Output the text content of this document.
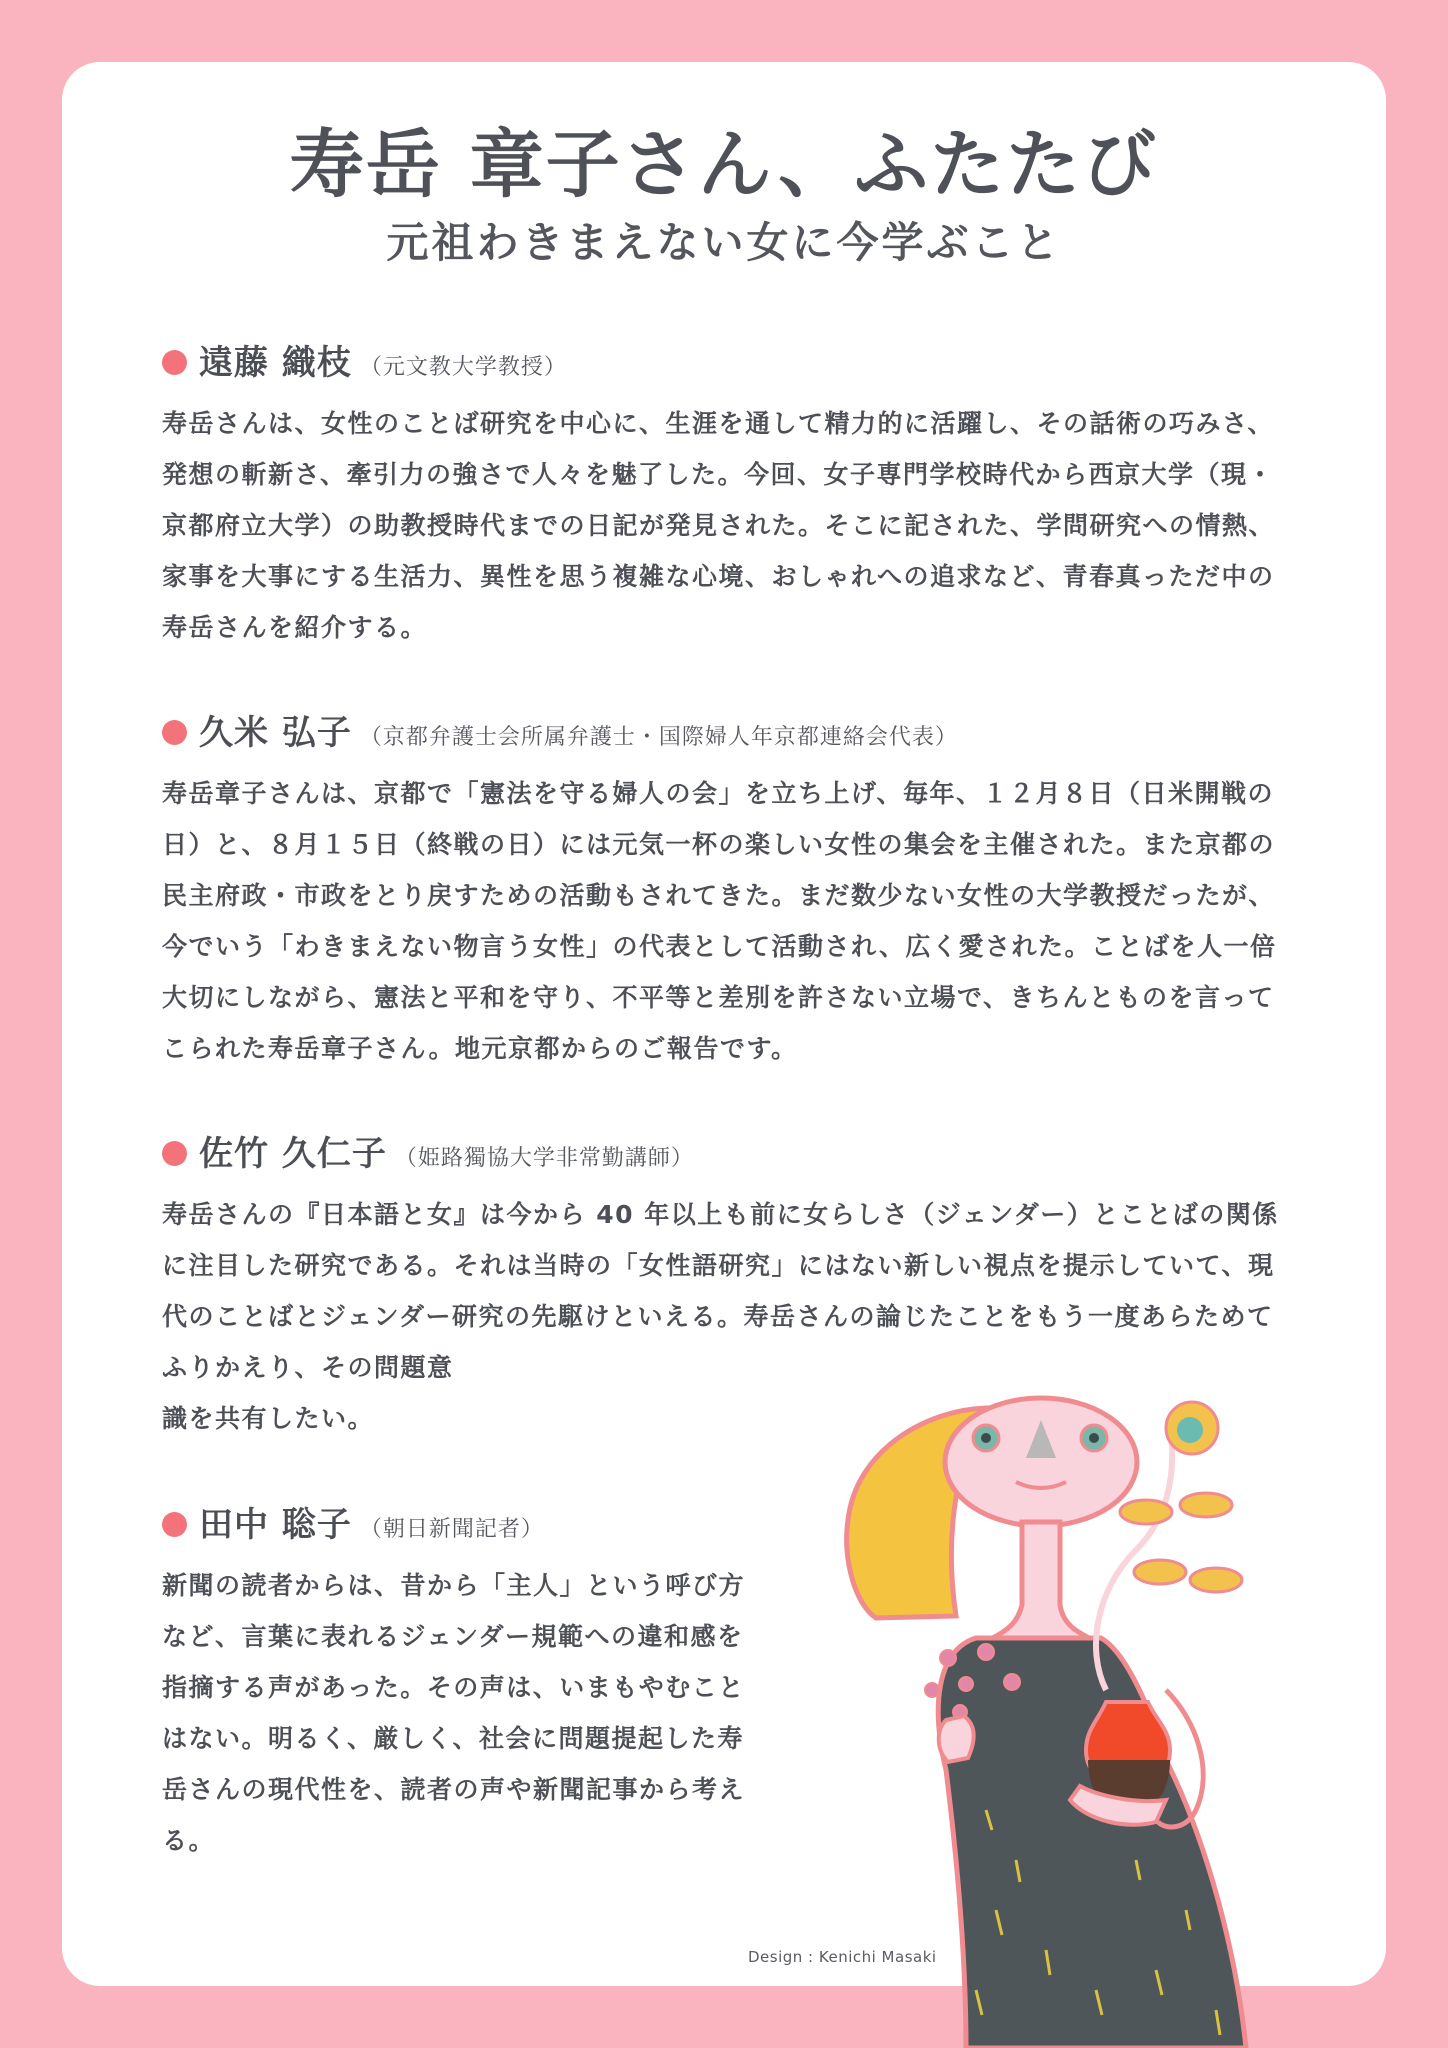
寿岳 章子さん、ふたたび
元祖わきまえない女に今学ぶこと
遠藤 織枝 （元文教大学教授）
寿岳さんは、女性のことば研究を中心に、生涯を通して精力的に活躍し、その話術の巧みさ、発想の斬新さ、牽引力の強さで人々を魅了した。今回、女子専門学校時代から西京大学（現・京都府立大学）の助教授時代までの日記が発見された。そこに記された、学問研究への情熱、家事を大事にする生活力、異性を思う複雑な心境、おしゃれへの追求など、青春真っただ中の寿岳さんを紹介する。
久米 弘子 （京都弁護士会所属弁護士・国際婦人年京都連絡会代表）
寿岳章子さんは、京都で「憲法を守る婦人の会」を立ち上げ、毎年、１２月８日（日米開戦の日）と、８月１５日（終戦の日）には元気一杯の楽しい女性の集会を主催された。また京都の民主府政・市政をとり戻すための活動もされてきた。まだ数少ない女性の大学教授だったが、今でいう「わきまえない物言う女性」の代表として活動され、広く愛された。ことばを人一倍大切にしながら、憲法と平和を守り、不平等と差別を許さない立場で、きちんとものを言ってこられた寿岳章子さん。地元京都からのご報告です。
佐竹 久仁子 （姫路獨協大学非常勤講師）
寿岳さんの『日本語と女』は今から 40 年以上も前に女らしさ（ジェンダー）とことばの関係に注目した研究である。それは当時の「女性語研究」にはない新しい視点を提示していて、現代のことばとジェンダー研究の先駆けといえる。寿岳さんの論じたことをもう一度あらためてふりかえり、その問題意
識を共有したい。
田中 聡子 （朝日新聞記者）
新聞の読者からは、昔から「主人」という呼び方など、言葉に表れるジェンダー規範への違和感を指摘する声があった。その声は、いまもやむことはない。明るく、厳しく、社会に問題提起した寿岳さんの現代性を、読者の声や新聞記事から考える。
Design : Kenichi Masaki
